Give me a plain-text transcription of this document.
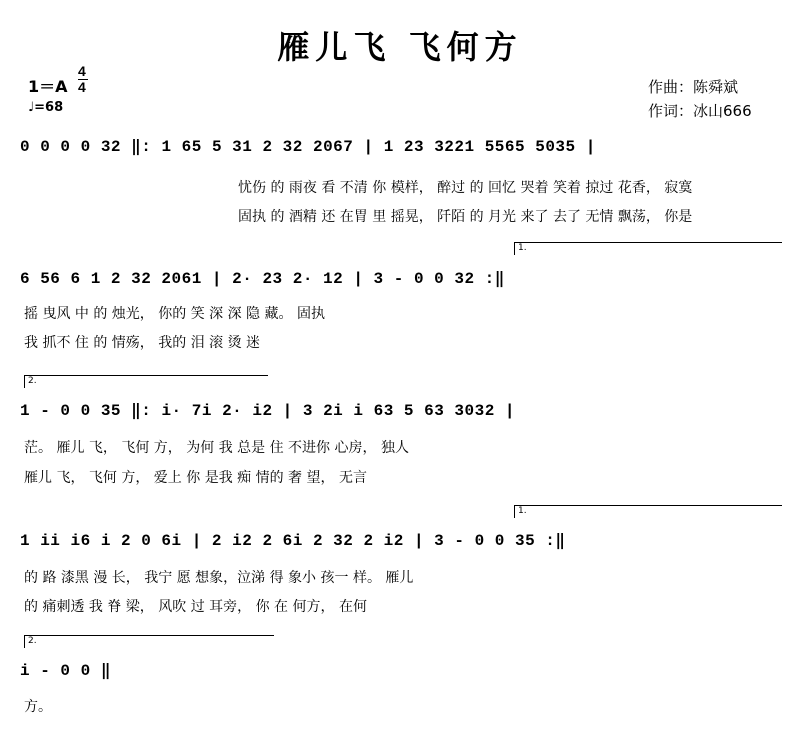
雁儿飞 飞何方
1＝A
4
4
♩=68
作曲：陈舜斌
作词：冰山666
0 0 0 0 32 ‖: 1 65 5 31 2 32 2067 | 1 23 3221 5565 5035 |
忧伤 的 雨夜 看 不清 你 模样， 醉过 的 回忆 哭着 笑着 掠过 花香， 寂寞
固执 的 酒精 还 在胃 里 摇晃， 阡陌 的 月光 来了 去了 无情 飘荡， 你是
1.
6 56 6 1 2 32 2061 | 2· 23 2· 12 | 3 - 0 0 32 :‖
摇 曳风 中 的 烛光， 你的 笑 深 深 隐 藏。 固执
我 抓不 住 的 情殇， 我的 泪 滚 烫 迷
2.
1 - 0 0 35 ‖: i· 7i 2· i2 | 3 2i i 63 5 63 3032 |
茫。 雁儿 飞， 飞何 方， 为何 我 总是 住 不进你 心房， 独人
雁儿 飞， 飞何 方， 爱上 你 是我 痴 情的 奢 望， 无言
1.
1 ii i6 i 2 0 6i | 2 i2 2 6i 2 32 2 i2 | 3 - 0 0 35 :‖
的 路 漆黑 漫 长， 我宁 愿 想象，泣涕 得 象小 孩一 样。 雁儿
的 痛刺透 我 脊 梁， 风吹 过 耳旁， 你 在 何方， 在何
2.
i - 0 0 ‖
方。
